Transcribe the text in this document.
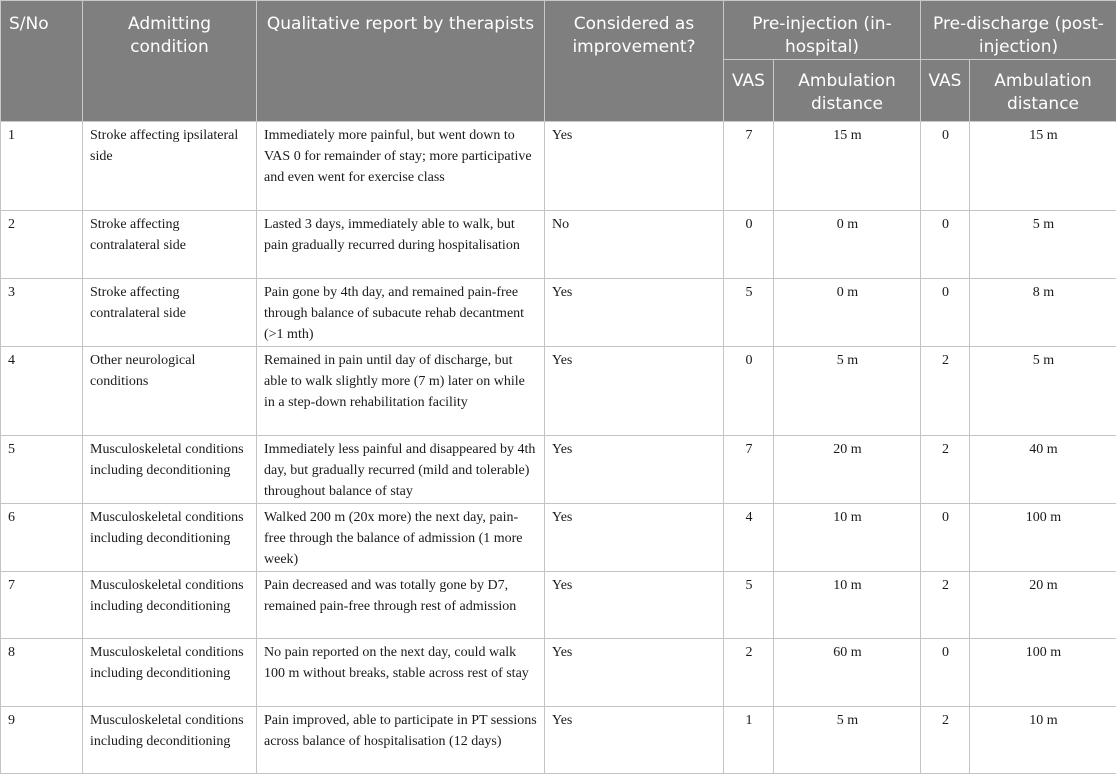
S/No	Admitting condition	Qualitative report by therapists	Considered as improvement?	Pre-injection (in-hospital)		Pre-discharge (post-injection)	
				VAS	Ambulation distance	VAS	Ambulation distance
1	Stroke affecting ipsilateral side	Immediately more painful, but went down to VAS 0 for remainder of stay; more participative and even went for exercise class	Yes	7	15 m	0	15 m
2	Stroke affecting contralateral side	Lasted 3 days, immediately able to walk, but pain gradually recurred during hospitalisation	No	0	0 m	0	5 m
3	Stroke affecting contralateral side	Pain gone by 4th day, and remained pain-free through balance of subacute rehab decantment (>1 mth)	Yes	5	0 m	0	8 m
4	Other neurological conditions	Remained in pain until day of discharge, but able to walk slightly more (7 m) later on while in a step-down rehabilitation facility	Yes	0	5 m	2	5 m
5	Musculoskeletal conditions including deconditioning	Immediately less painful and disappeared by 4th day, but gradually recurred (mild and tolerable) throughout balance of stay	Yes	7	20 m	2	40 m
6	Musculoskeletal conditions including deconditioning	Walked 200 m (20x more) the next day, pain-free through the balance of admission (1 more week)	Yes	4	10 m	0	100 m
7	Musculoskeletal conditions including deconditioning	Pain decreased and was totally gone by D7, remained pain-free through rest of admission	Yes	5	10 m	2	20 m
8	Musculoskeletal conditions including deconditioning	No pain reported on the next day, could walk 100 m without breaks, stable across rest of stay	Yes	2	60 m	0	100 m
9	Musculoskeletal conditions including deconditioning	Pain improved, able to participate in PT sessions across balance of hospitalisation (12 days)	Yes	1	5 m	2	10 m
